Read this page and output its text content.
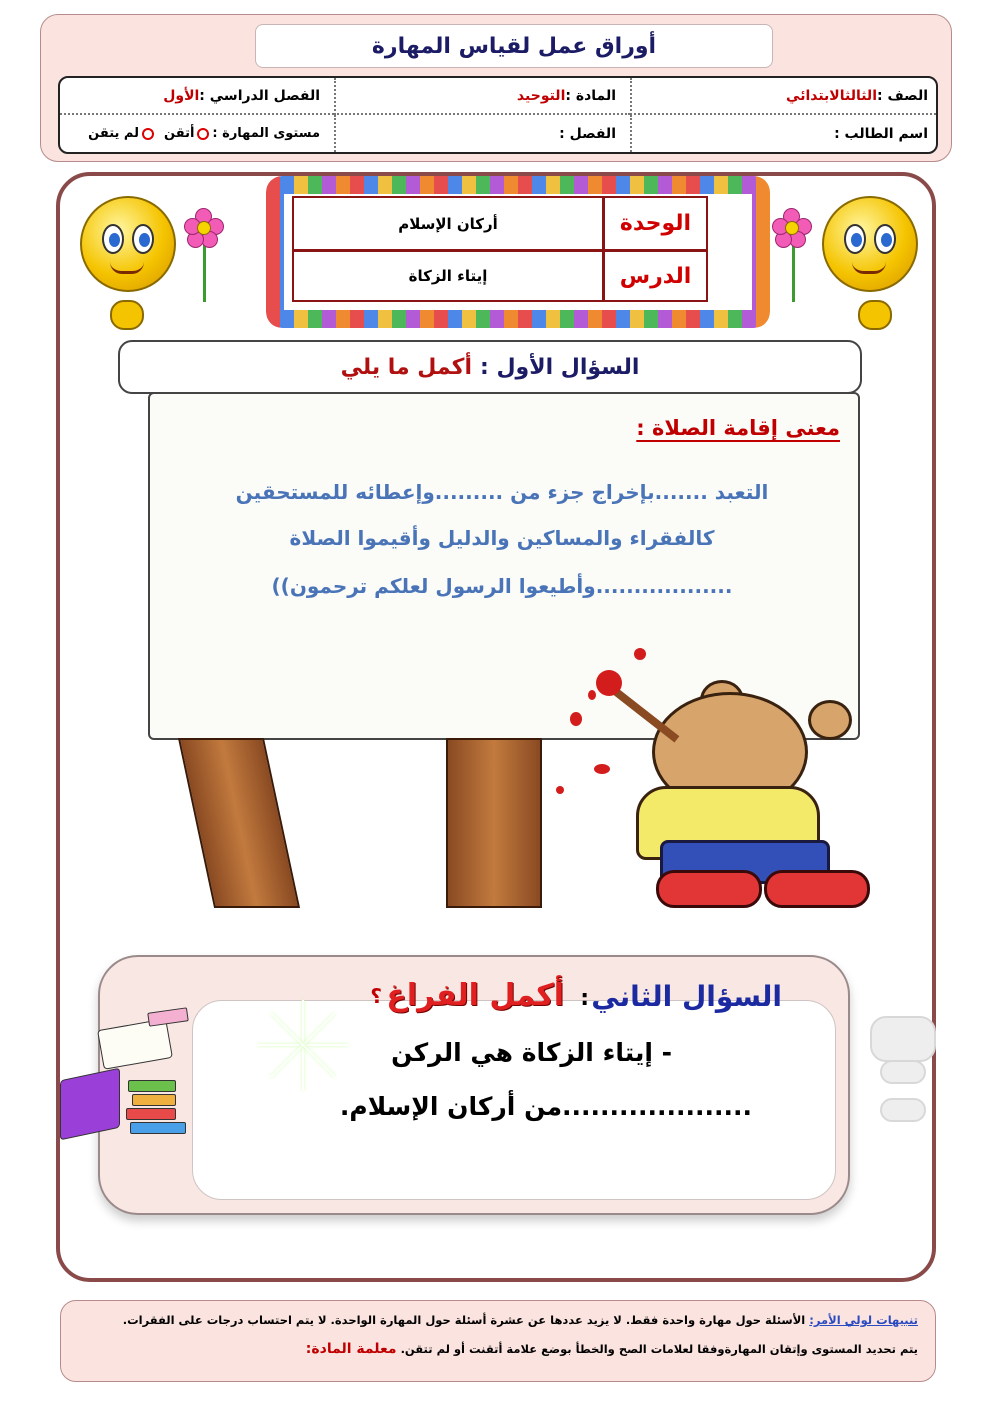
أوراق عمل لقياس المهارة
الصف :
الثالثالابتدائي
المادة :
التوحيد
الفصل الدراسي :
الأول
اسم الطالب :
الفصل :
مستوى المهارة :
أتقن
لم يتقن
الوحدة
أركان الإسلام
الدرس
إيتاء الزكاة
السؤال الأول :
أكمل ما يلي
معنى إقامة الصلاة :
التعبد .......بإخراج جزء من .........وإعطائه للمستحقين
كالفقراء والمساكين والدليل وأقيموا الصلاة
..................وأطيعوا الرسول لعلكم ترحمون))
السؤال الثاني
:
أكمل الفراغ
؟
- إيتاء الزكاة هي الركن
....................من أركان الإسلام.
تنبيهات لولي الأمر: الأسئلة حول مهارة واحدة فقط. لا يزيد عددها عن عشرة أسئلة حول المهارة الواحدة. لا يتم احتساب درجات على الفقرات.
يتم تحديد المستوى وإتقان المهارةوفقا لعلامات الصح والخطأ بوضع علامة أتقنت أو لم تتقن. معلمة المادة:
